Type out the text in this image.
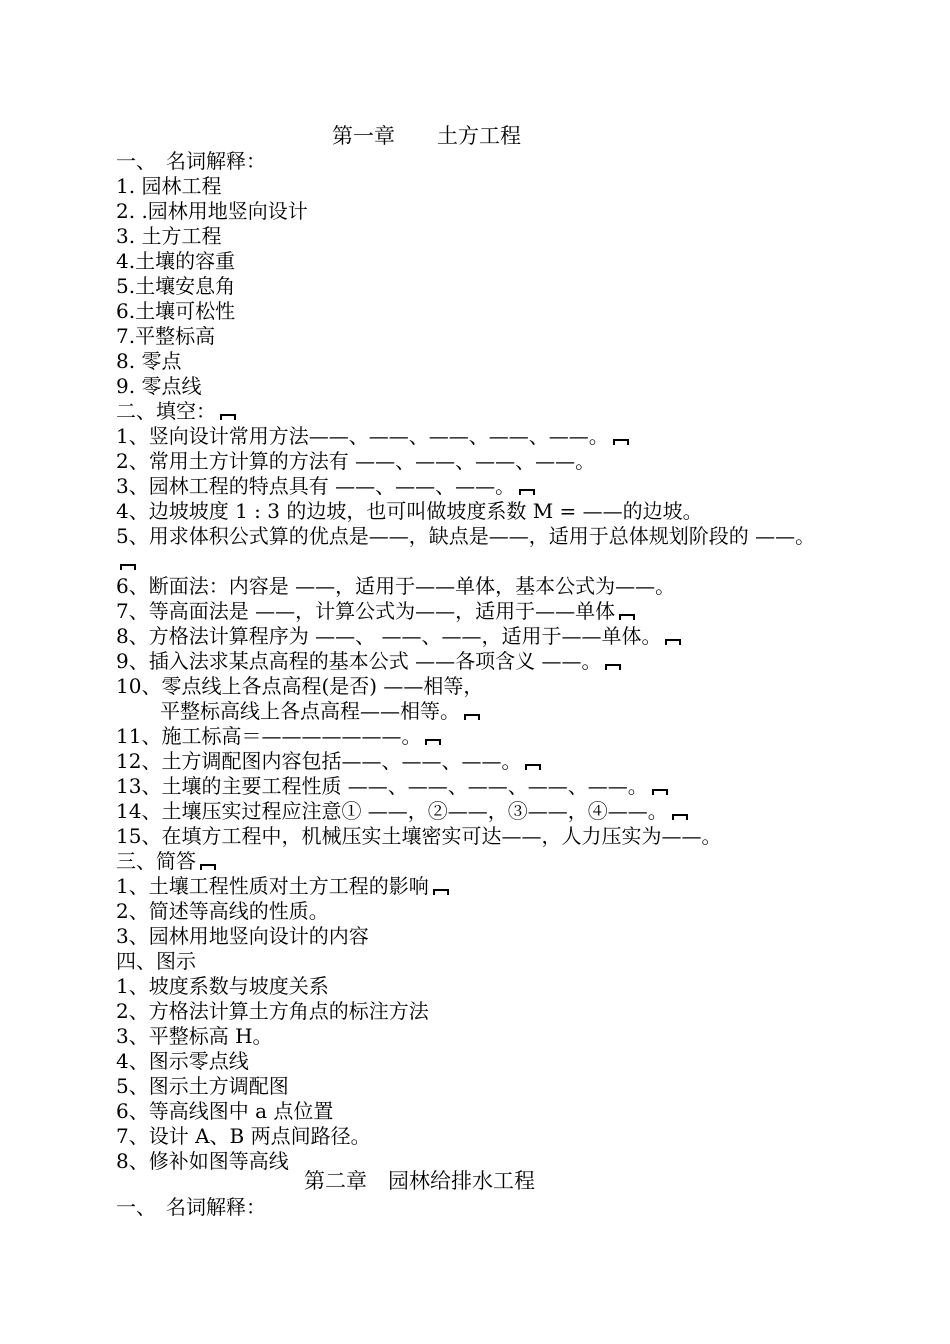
第一章　　土方工程
一、　名词解释：
1. 园林工程
2. .园林用地竖向设计
3. 土方工程
4.土壤的容重
5.土壤安息角
6.土壤可松性
7.平整标高
8. 零点
9. 零点线
二、填空：
1、竖向设计常用方法——、——、——、——、——。
2、常用土方计算的方法有 ——、——、——、——。
3、园林工程的特点具有 ——、——、——。
4、边坡坡度 1 : 3 的边坡，也可叫做坡度系数 M = ——的边坡。
5、用求体积公式算的优点是——，缺点是——，适用于总体规划阶段的 ——。
6、断面法：内容是 ——，适用于——单体，基本公式为——。
7、等高面法是 ——，计算公式为——，适用于——单体
8、方格法计算程序为 ——、 ——、——，适用于——单体。
9、插入法求某点高程的基本公式 ——各项含义 ——。
10、零点线上各点高程(是否) ——相等，
平整标高线上各点高程——相等。
11、施工标高＝———————。
12、土方调配图内容包括——、——、——。
13、土壤的主要工程性质 ——、——、——、——、——。
14、土壤压实过程应注意① ——，②——，③——，④——。
15、在填方工程中，机械压实土壤密实可达——，人力压实为——。
三、简答
1、土壤工程性质对土方工程的影响
2、简述等高线的性质。
3、园林用地竖向设计的内容
四、图示
1、坡度系数与坡度关系
2、方格法计算土方角点的标注方法
3、平整标高 H。
4、图示零点线
5、图示土方调配图
6、等高线图中 a 点位置
7、设计 A、B 两点间路径。
8、修补如图等高线
第二章　园林给排水工程
一、　名词解释：
